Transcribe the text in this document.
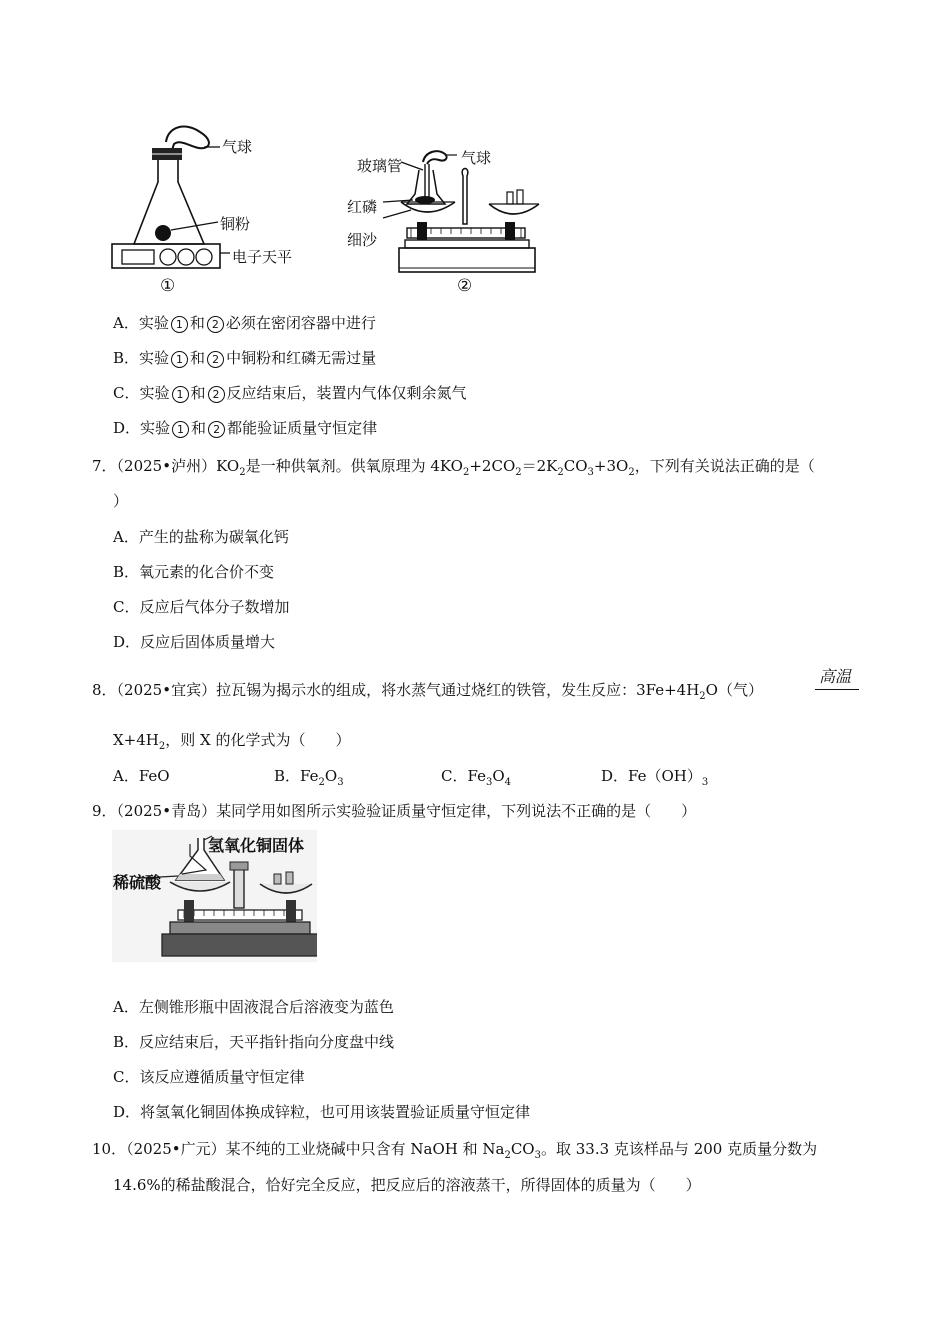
气球
铜粉
电子天平
①
玻璃管	气球
红磷
细沙
②
A．实验 1 和 2 必须在密闭容器中进行
B．实验 1 和 2 中铜粉和红磷无需过量
C．实验 1 和 2 反应结束后，装置内气体仅剩余氮气
D．实验 1 和 2 都能验证质量守恒定律
7．（2025•泸州）$KO_2$是一种供氧剂。供氧原理为 $4KO_2+2CO_2=2K_2CO_3+3O_2$，下列有关说法正确的是（
）
A．产生的盐称为碳氧化钙
B．氧元素的化合价不变
C．反应后气体分子数增加
D．反应后固体质量增大
8．（2025•宜宾）拉瓦锡为揭示水的组成，将水蒸气通过烧红的铁管，发生反应：$3Fe+4H_2O$（气）
高温
$X+4H_2$，则 X 的化学式为（　　）
A．FeO	B．$Fe_2O_3$	C．$Fe_3O_4$	D．$Fe(OH)_3$
9．（2025•青岛）某同学用如图所示实验验证质量守恒定律，下列说法不正确的是（　　）
氢氧化铜固体
稀硫酸
A．左侧锥形瓶中固液混合后溶液变为蓝色
B．反应结束后，天平指针指向分度盘中线
C．该反应遵循质量守恒定律
D．将氢氧化铜固体换成锌粒，也可用该装置验证质量守恒定律
10．（2025•广元）某不纯的工业烧碱中只含有 NaOH 和 $Na_2CO_3$。取 33.3 克该样品与 200 克质量分数为
14.6%的稀盐酸混合，恰好完全反应，把反应后的溶液蒸干，所得固体的质量为（　　）
